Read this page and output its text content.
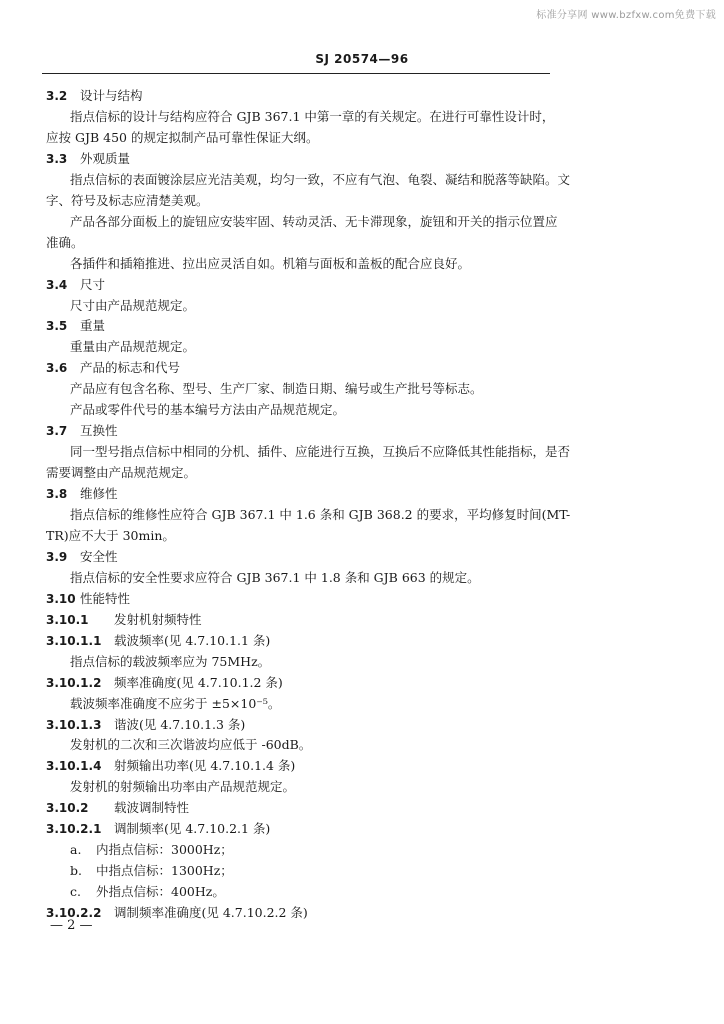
标准分享网 www.bzfxw.com免费下载
SJ 20574—96
3.2 设计与结构
指点信标的设计与结构应符合 GJB 367.1 中第一章的有关规定。在进行可靠性设计时，
应按 GJB 450 的规定拟制产品可靠性保证大纲。
3.3 外观质量
指点信标的表面镀涂层应光洁美观，均匀一致，不应有气泡、龟裂、凝结和脱落等缺陷。文
字、符号及标志应清楚美观。
产品各部分面板上的旋钮应安装牢固、转动灵活、无卡滞现象，旋钮和开关的指示位置应
准确。
各插件和插箱推进、拉出应灵活自如。机箱与面板和盖板的配合应良好。
3.4 尺寸
尺寸由产品规范规定。
3.5 重量
重量由产品规范规定。
3.6 产品的标志和代号
产品应有包含名称、型号、生产厂家、制造日期、编号或生产批号等标志。
产品或零件代号的基本编号方法由产品规范规定。
3.7 互换性
同一型号指点信标中相同的分机、插件、应能进行互换，互换后不应降低其性能指标，是否
需要调整由产品规范规定。
3.8 维修性
指点信标的维修性应符合 GJB 367.1 中 1.6 条和 GJB 368.2 的要求，平均修复时间(MT-
TR)应不大于 30min。
3.9 安全性
指点信标的安全性要求应符合 GJB 367.1 中 1.8 条和 GJB 663 的规定。
3.10 性能特性
3.10.1 发射机射频特性
3.10.1.1 载波频率(见 4.7.10.1.1 条)
指点信标的载波频率应为 75MHz。
3.10.1.2 频率准确度(见 4.7.10.1.2 条)
载波频率准确度不应劣于 ±5×10⁻⁵。
3.10.1.3 谐波(见 4.7.10.1.3 条)
发射机的二次和三次谐波均应低于 -60dB。
3.10.1.4 射频输出功率(见 4.7.10.1.4 条)
发射机的射频输出功率由产品规范规定。
3.10.2 载波调制特性
3.10.2.1 调制频率(见 4.7.10.2.1 条)
a. 内指点信标：3000Hz；
b. 中指点信标：1300Hz；
c. 外指点信标：400Hz。
3.10.2.2 调制频率准确度(见 4.7.10.2.2 条)
— 2 —
